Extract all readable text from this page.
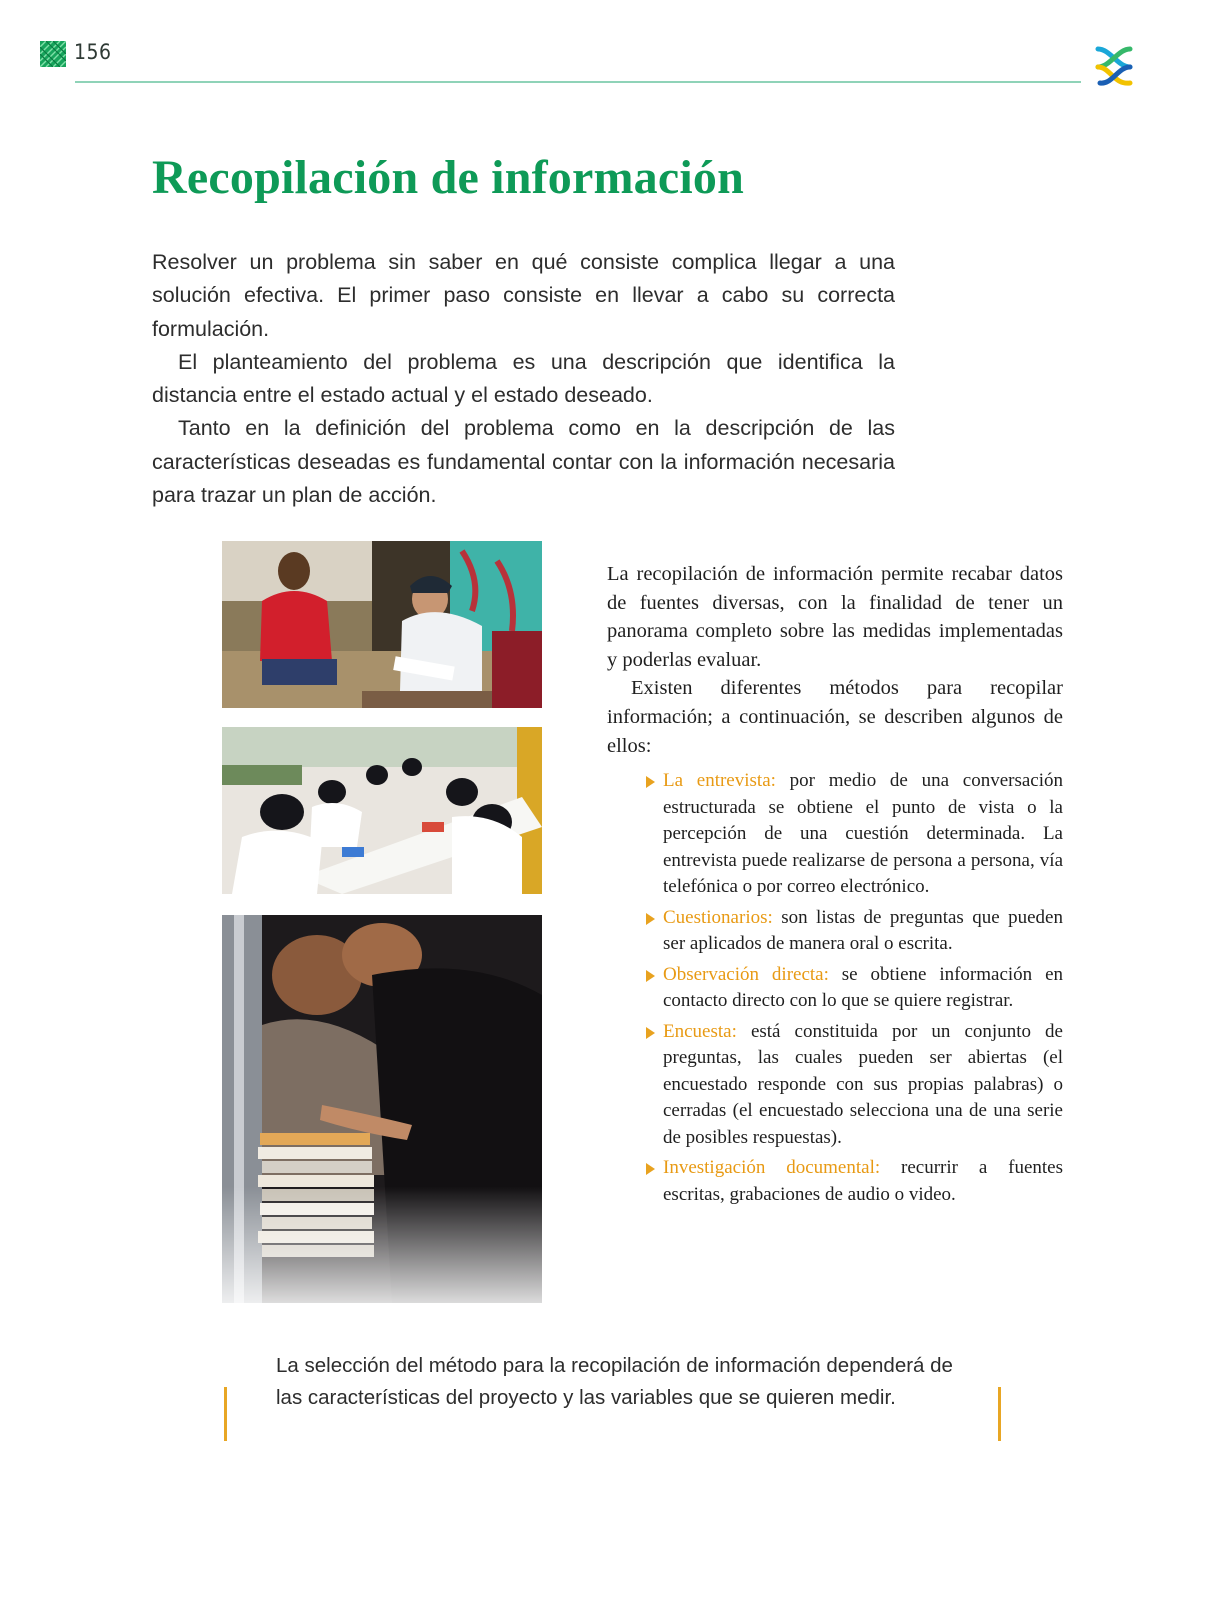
156
Recopilación de información

Resolver un problema sin saber en qué consiste complica llegar a una solución efectiva. El primer paso consiste en llevar a cabo su correcta formulación.

El planteamiento del problema es una descripción que identifica la distancia entre el estado actual y el estado deseado.

Tanto en la definición del problema como en la descripción de las características deseadas es fundamental contar con la información necesaria para trazar un plan de acción.

La recopilación de información permite recabar datos de fuentes diversas, con la finalidad de tener un panorama completo sobre las medidas implementadas y poderlas evaluar.

Existen diferentes métodos para recopilar información; a continuación, se describen algunos de ellos:

La entrevista: por medio de una conversación estructurada se obtiene el punto de vista o la percepción de una cuestión determinada. La entrevista puede realizarse de persona a persona, vía telefónica o por correo electrónico.
Cuestionarios: son listas de preguntas que pueden ser aplicados de manera oral o escrita.
Observación directa: se obtiene información en contacto directo con lo que se quiere registrar.
Encuesta: está constituida por un conjunto de preguntas, las cuales pueden ser abiertas (el encuestado responde con sus propias palabras) o cerradas (el encuestado selecciona una de una serie de posibles respuestas).
Investigación documental: recurrir a fuentes escritas, grabaciones de audio o video.
La selección del método para la recopilación de información dependerá de las características del proyecto y las variables que se quieren medir.
